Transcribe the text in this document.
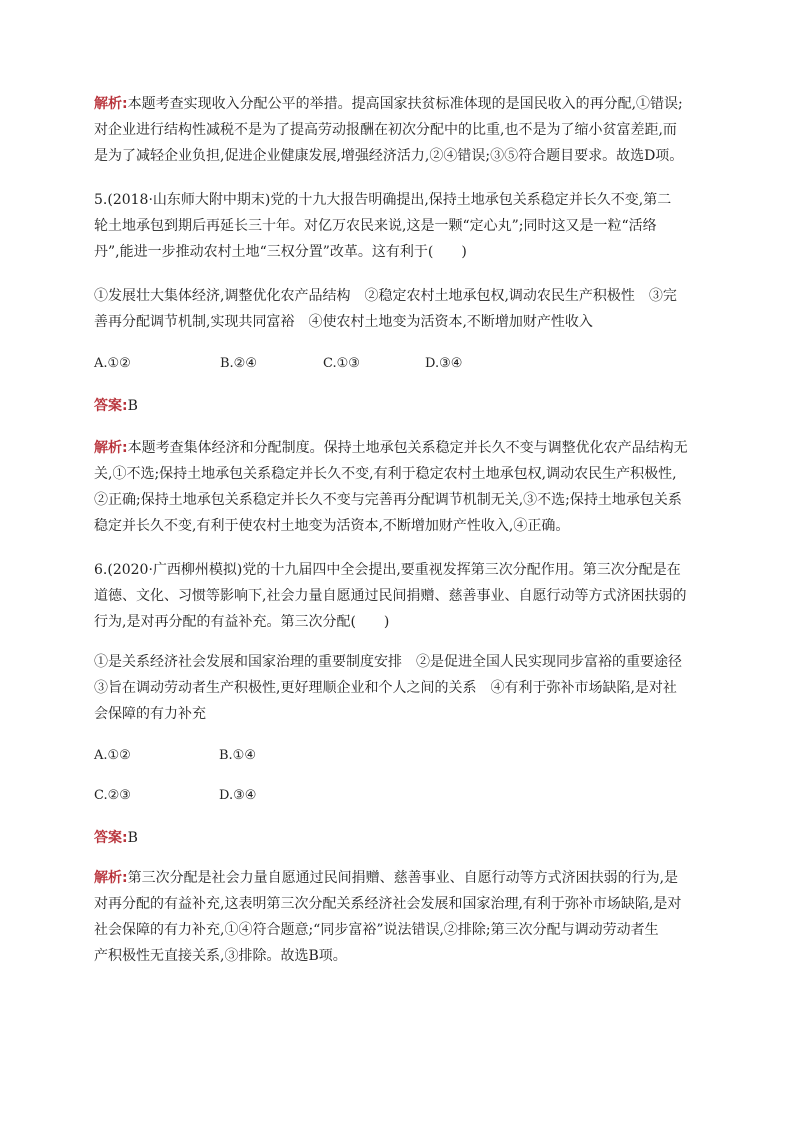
解析:本题考查实现收入分配公平的举措。提高国家扶贫标准体现的是国民收入的再分配,①错误;
对企业进行结构性减税不是为了提高劳动报酬在初次分配中的比重,也不是为了缩小贫富差距,而
是为了减轻企业负担,促进企业健康发展,增强经济活力,②④错误;③⑤符合题目要求。故选D项。
5.(2018·山东师大附中期末)党的十九大报告明确提出,保持土地承包关系稳定并长久不变,第二
轮土地承包到期后再延长三十年。对亿万农民来说,这是一颗“定心丸”;同时这又是一粒“活络
丹”,能进一步推动农村土地“三权分置”改革。这有利于(　　)
①发展壮大集体经济,调整优化农产品结构　②稳定农村土地承包权,调动农民生产积极性　③完
善再分配调节机制,实现共同富裕　④使农村土地变为活资本,不断增加财产性收入
A.①②	B.②④	C.①③	D.③④
答案:B
解析:本题考查集体经济和分配制度。保持土地承包关系稳定并长久不变与调整优化农产品结构无
关,①不选;保持土地承包关系稳定并长久不变,有利于稳定农村土地承包权,调动农民生产积极性,
②正确;保持土地承包关系稳定并长久不变与完善再分配调节机制无关,③不选;保持土地承包关系
稳定并长久不变,有利于使农村土地变为活资本,不断增加财产性收入,④正确。
6.(2020·广西柳州模拟)党的十九届四中全会提出,要重视发挥第三次分配作用。第三次分配是在
道德、文化、习惯等影响下,社会力量自愿通过民间捐赠、慈善事业、自愿行动等方式济困扶弱的
行为,是对再分配的有益补充。第三次分配(　　)
①是关系经济社会发展和国家治理的重要制度安排　②是促进全国人民实现同步富裕的重要途径
③旨在调动劳动者生产积极性,更好理顺企业和个人之间的关系　④有利于弥补市场缺陷,是对社
会保障的有力补充
A.①②	B.①④
C.②③	D.③④
答案:B
解析:第三次分配是社会力量自愿通过民间捐赠、慈善事业、自愿行动等方式济困扶弱的行为,是
对再分配的有益补充,这表明第三次分配关系经济社会发展和国家治理,有利于弥补市场缺陷,是对
社会保障的有力补充,①④符合题意;“同步富裕”说法错误,②排除;第三次分配与调动劳动者生
产积极性无直接关系,③排除。故选B项。
